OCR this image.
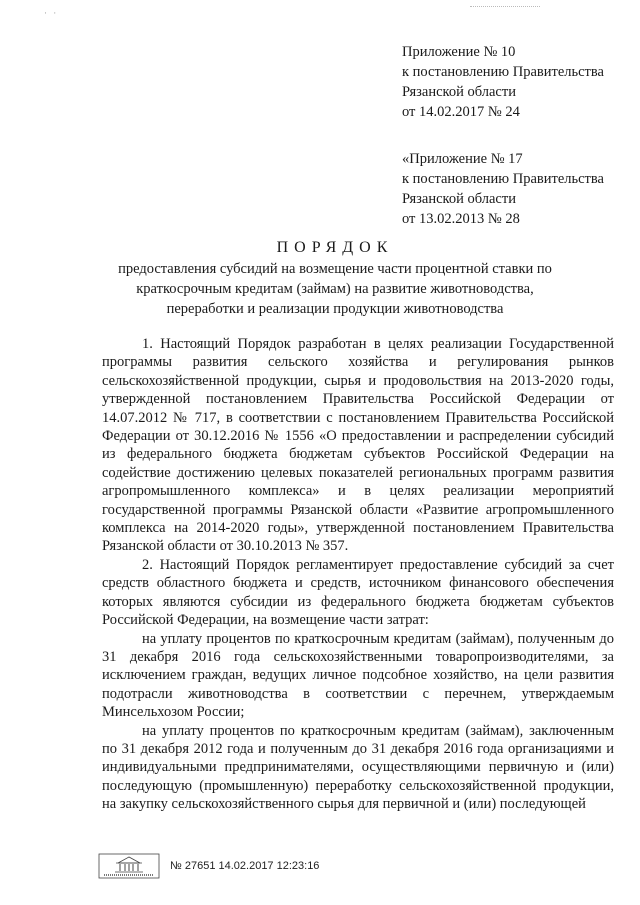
· ·
Приложение № 10
к постановлению Правительства
Рязанской области
от 14.02.2017 № 24
«Приложение № 17
к постановлению Правительства
Рязанской области
от 13.02.2013 № 28
ПОРЯДОК
предоставления субсидий на возмещение части процентной ставки по краткосрочным кредитам (займам) на развитие животноводства, переработки и реализации продукции животноводства

1. Настоящий Порядок разработан в целях реализации Государственной программы развития сельского хозяйства и регулирования рынков сельскохозяйственной продукции, сырья и продовольствия на 2013-2020 годы, утвержденной постановлением Правительства Российской Федерации от 14.07.2012 № 717, в соответствии с постановлением Правительства Российской Федерации от 30.12.2016 № 1556 «О предоставлении и распределении субсидий из федерального бюджета бюджетам субъектов Российской Федерации на содействие достижению целевых показателей региональных программ развития агропромышленного комплекса» и в целях реализации мероприятий государственной программы Рязанской области «Развитие агропромышленного комплекса на 2014-2020 годы», утвержденной постановлением Правительства Рязанской области от 30.10.2013 № 357.

2. Настоящий Порядок регламентирует предоставление субсидий за счет средств областного бюджета и средств, источником финансового обеспечения которых являются субсидии из федерального бюджета бюджетам субъектов Российской Федерации, на возмещение части затрат:

на уплату процентов по краткосрочным кредитам (займам), полученным до 31 декабря 2016 года сельскохозяйственными товаропроизводителями, за исключением граждан, ведущих личное подсобное хозяйство, на цели развития подотрасли животноводства в соответствии с перечнем, утверждаемым Минсельхозом России;

на уплату процентов по краткосрочным кредитам (займам), заключенным по 31 декабря 2012 года и полученным до 31 декабря 2016 года организациями и индивидуальными предпринимателями, осуществляющими первичную и (или) последующую (промышленную) переработку сельскохозяйственной продукции, на закупку сельскохозяйственного сырья для первичной и (или) последующей

№ 27651 14.02.2017 12:23:16
